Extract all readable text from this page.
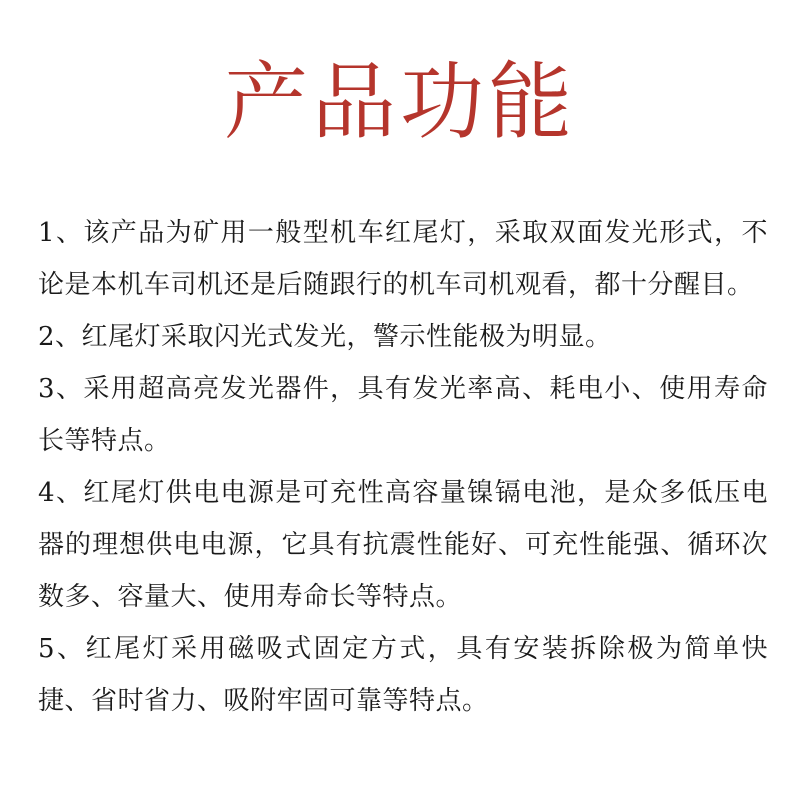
产品功能

1、该产品为矿用一般型机车红尾灯，采取双面发光形式，不论是本机车司机还是后随跟行的机车司机观看，都十分醒目。

2、红尾灯采取闪光式发光，警示性能极为明显。

3、采用超高亮发光器件，具有发光率高、耗电小、使用寿命长等特点。

4、红尾灯供电电源是可充性高容量镍镉电池，是众多低压电器的理想供电电源，它具有抗震性能好、可充性能强、循环次数多、容量大、使用寿命长等特点。

5、红尾灯采用磁吸式固定方式，具有安装拆除极为简单快捷、省时省力、吸附牢固可靠等特点。
